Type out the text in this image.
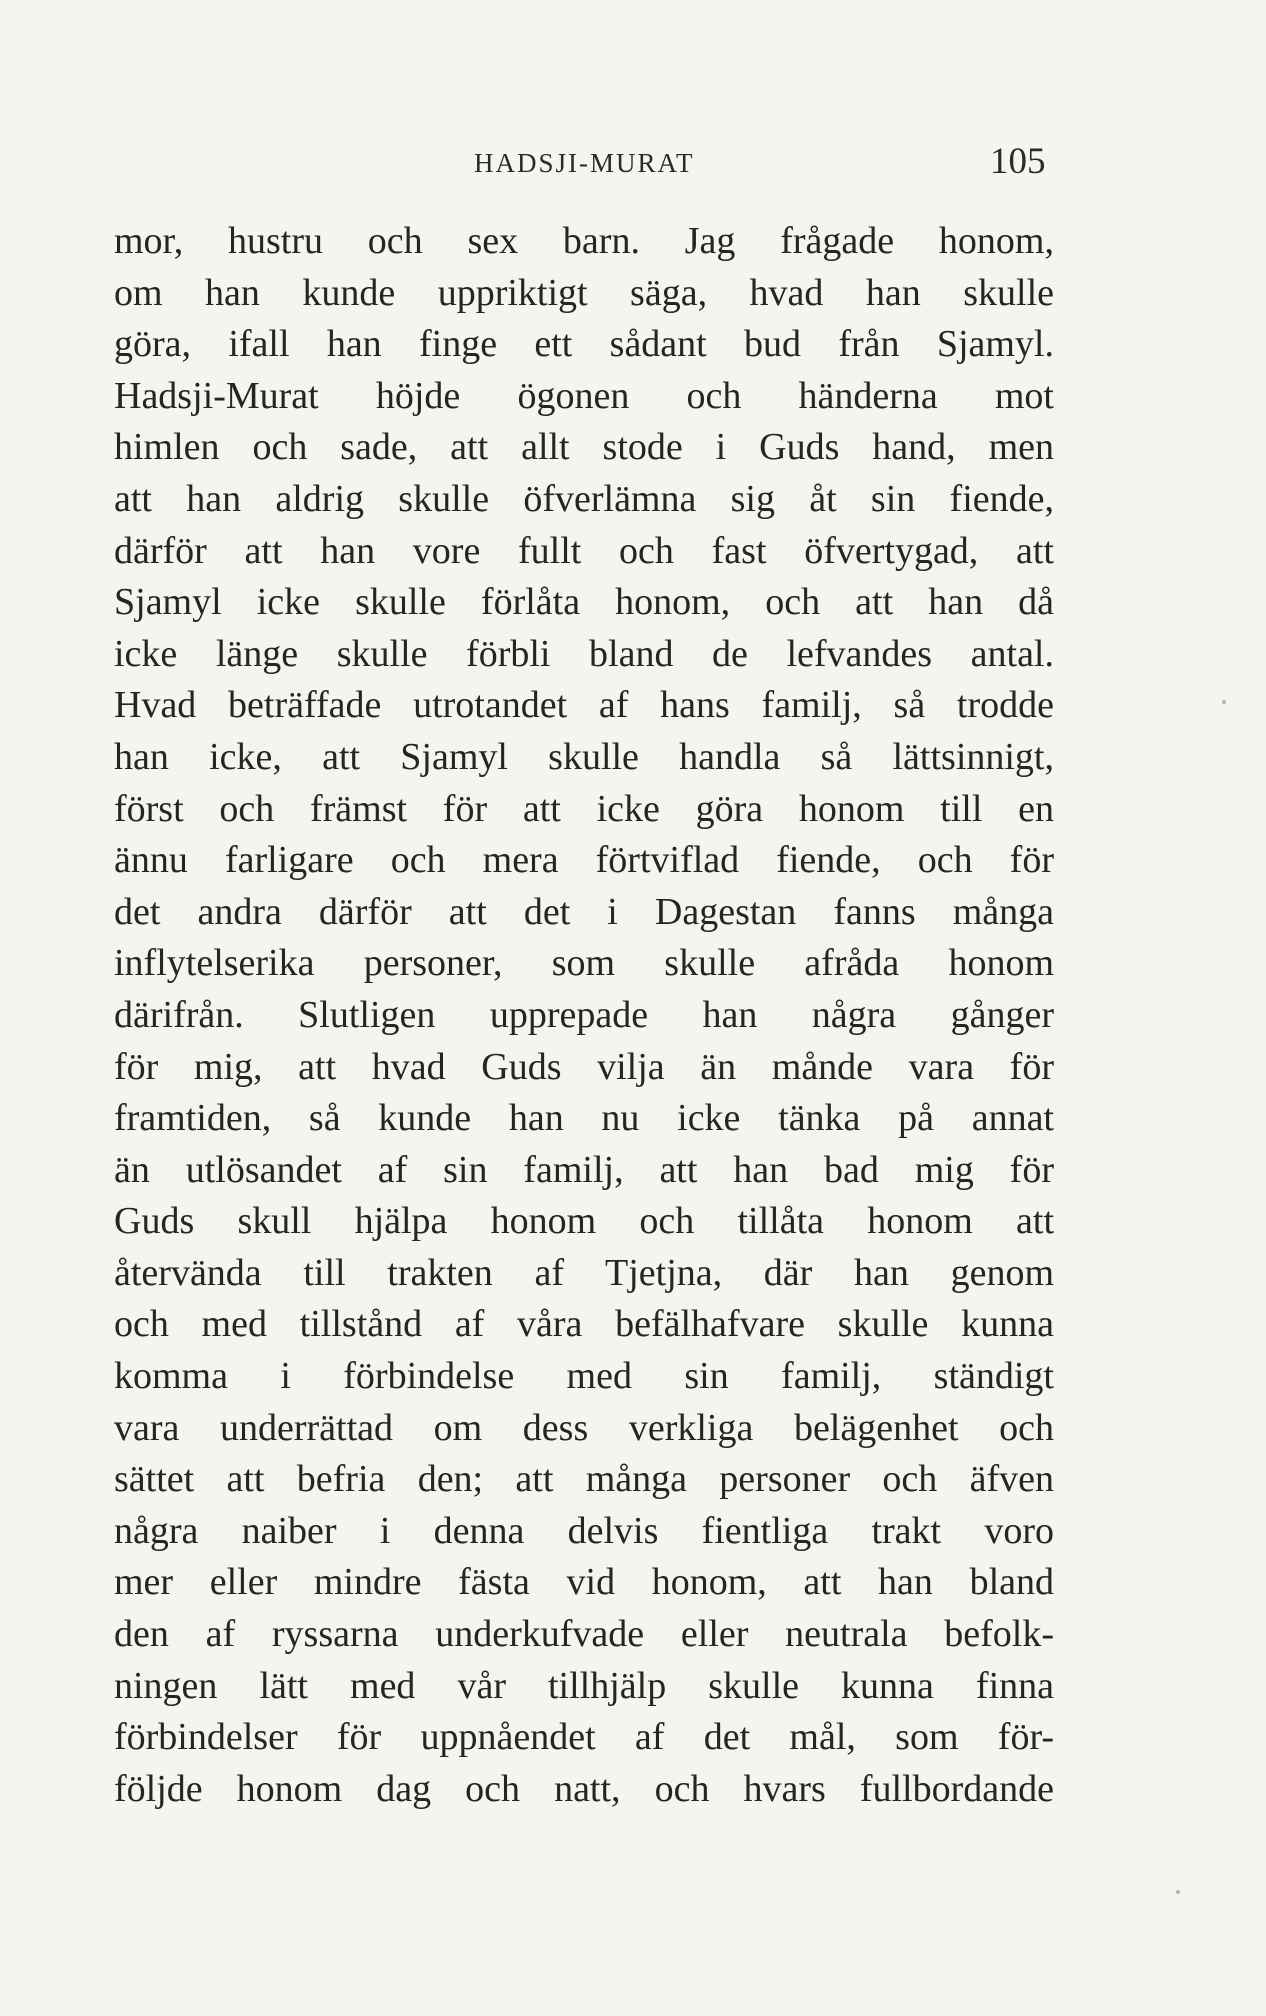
HADSJI-MURAT	105
mor, hustru och sex barn. Jag frågade honom,
om han kunde uppriktigt säga, hvad han skulle
göra, ifall han finge ett sådant bud från Sjamyl.
Hadsji-Murat höjde ögonen och händerna mot
himlen och sade, att allt stode i Guds hand, men
att han aldrig skulle öfverlämna sig åt sin fiende,
därför att han vore fullt och fast öfvertygad, att
Sjamyl icke skulle förlåta honom, och att han då
icke länge skulle förbli bland de lefvandes antal.
Hvad beträffade utrotandet af hans familj, så trodde
han icke, att Sjamyl skulle handla så lättsinnigt,
först och främst för att icke göra honom till en
ännu farligare och mera förtviflad fiende, och för
det andra därför att det i Dagestan fanns många
inflytelserika personer, som skulle afråda honom
därifrån. Slutligen upprepade han några gånger
för mig, att hvad Guds vilja än månde vara för
framtiden, så kunde han nu icke tänka på annat
än utlösandet af sin familj, att han bad mig för
Guds skull hjälpa honom och tillåta honom att
återvända till trakten af Tjetjna, där han genom
och med tillstånd af våra befälhafvare skulle kunna
komma i förbindelse med sin familj, ständigt
vara underrättad om dess verkliga belägenhet och
sättet att befria den; att många personer och äfven
några naiber i denna delvis fientliga trakt voro
mer eller mindre fästa vid honom, att han bland
den af ryssarna underkufvade eller neutrala befolk-
ningen lätt med vår tillhjälp skulle kunna finna
förbindelser för uppnåendet af det mål, som för-
följde honom dag och natt, och hvars fullbordande
